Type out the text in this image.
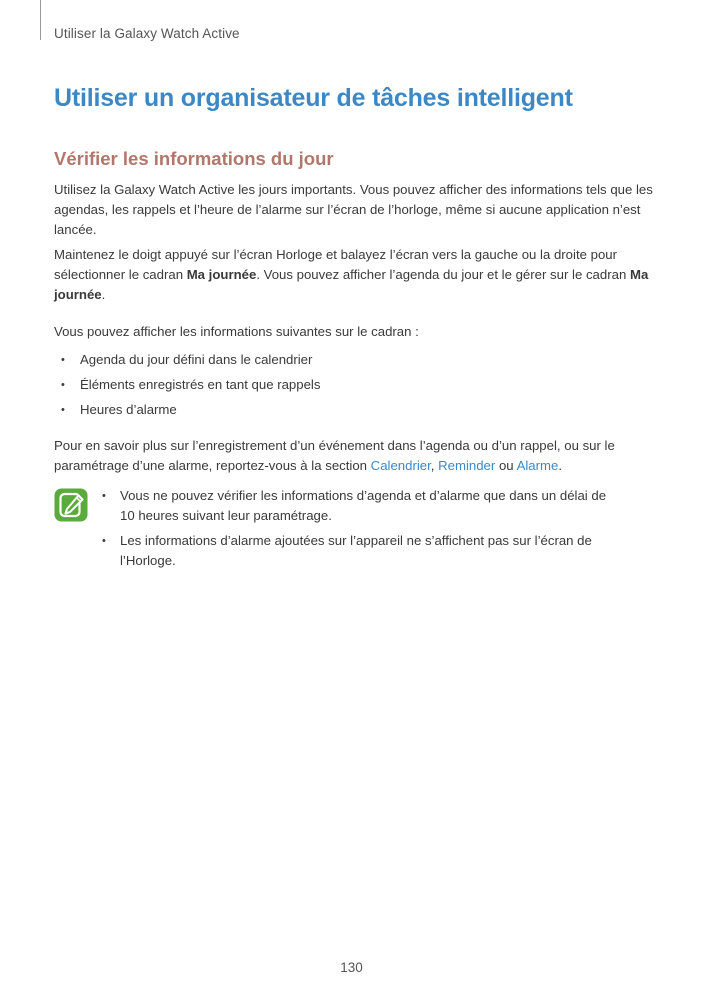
Utiliser la Galaxy Watch Active
Utiliser un organisateur de tâches intelligent
Vérifier les informations du jour

Utilisez la Galaxy Watch Active les jours importants. Vous pouvez afficher des informations tels que les agendas, les rappels et l’heure de l’alarme sur l’écran de l’horloge, même si aucune application n’est lancée.

Maintenez le doigt appuyé sur l’écran Horloge et balayez l’écran vers la gauche ou la droite pour sélectionner le cadran Ma journée. Vous pouvez afficher l’agenda du jour et le gérer sur le cadran Ma journée.

Vous pouvez afficher les informations suivantes sur le cadran :

• Agenda du jour défini dans le calendrier
• Éléments enregistrés en tant que rappels
• Heures d’alarme

Pour en savoir plus sur l’enregistrement d’un événement dans l’agenda ou d’un rappel, ou sur le paramétrage d’une alarme, reportez-vous à la section Calendrier, Reminder ou Alarme.

• Vous ne pouvez vérifier les informations d’agenda et d’alarme que dans un délai de 10 heures suivant leur paramétrage.
• Les informations d’alarme ajoutées sur l’appareil ne s’affichent pas sur l’écran de l’Horloge.
130
